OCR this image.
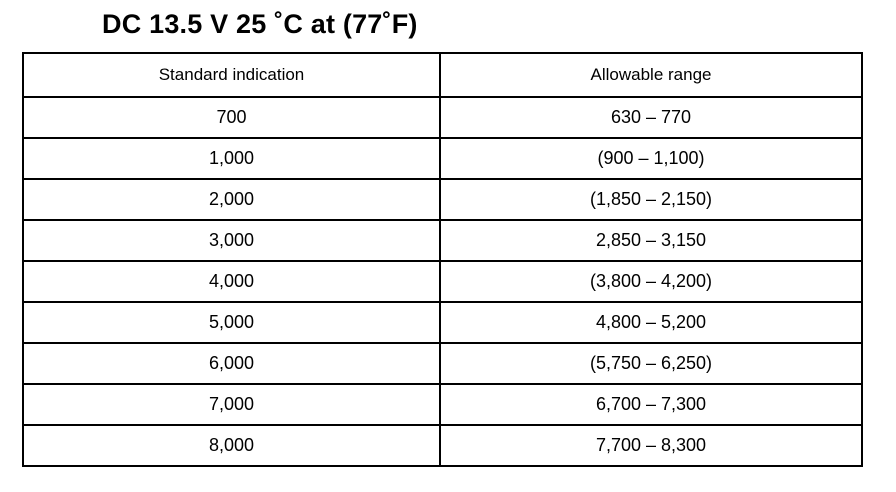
DC 13.5 V 25 ˚C at (77˚F)
Standard indication	Allowable range
700	630 – 770
1,000	(900 – 1,100)
2,000	(1,850 – 2,150)
3,000	2,850 – 3,150
4,000	(3,800 – 4,200)
5,000	4,800 – 5,200
6,000	(5,750 – 6,250)
7,000	6,700 – 7,300
8,000	7,700 – 8,300
